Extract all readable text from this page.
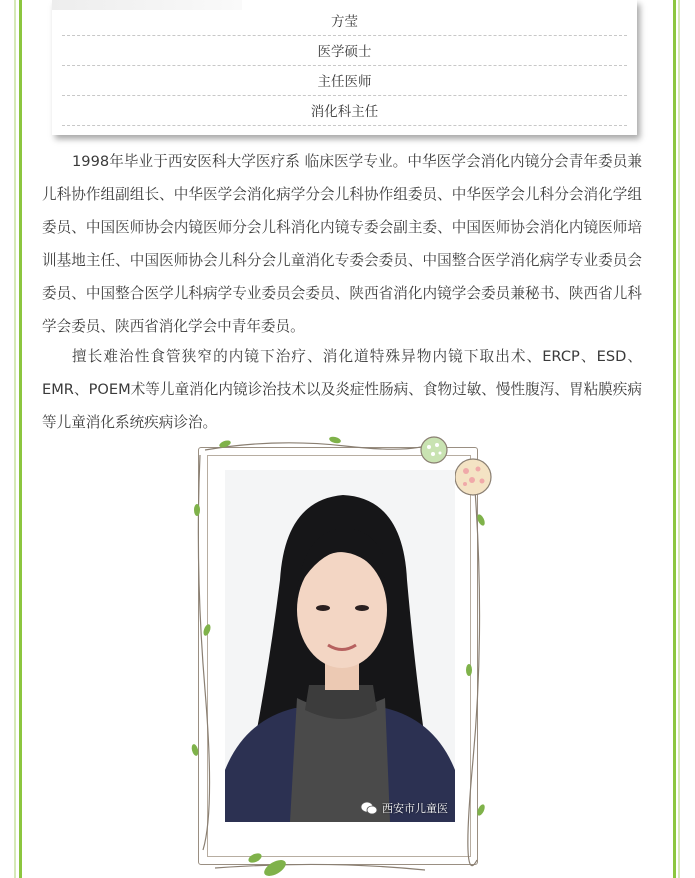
方莹
医学硕士
主任医师
消化科主任

1998年毕业于西安医科大学医疗系 临床医学专业。中华医学会消化内镜分会青年委员兼儿科协作组副组长、中华医学会消化病学分会儿科协作组委员、中华医学会儿科分会消化学组委员、中国医师协会内镜医师分会儿科消化内镜专委会副主委、中国医师协会消化内镜医师培训基地主任、中国医师协会儿科分会儿童消化专委会委员、中国整合医学消化病学专业委员会委员、中国整合医学儿科病学专业委员会委员、陕西省消化内镜学会委员兼秘书、陕西省儿科学会委员、陕西省消化学会中青年委员。

擅长难治性食管狭窄的内镜下治疗、消化道特殊异物内镜下取出术、ERCP、ESD、EMR、POEM术等儿童消化内镜诊治技术以及炎症性肠病、食物过敏、慢性腹泻、胃粘膜疾病等儿童消化系统疾病诊治。

西安市儿童医
